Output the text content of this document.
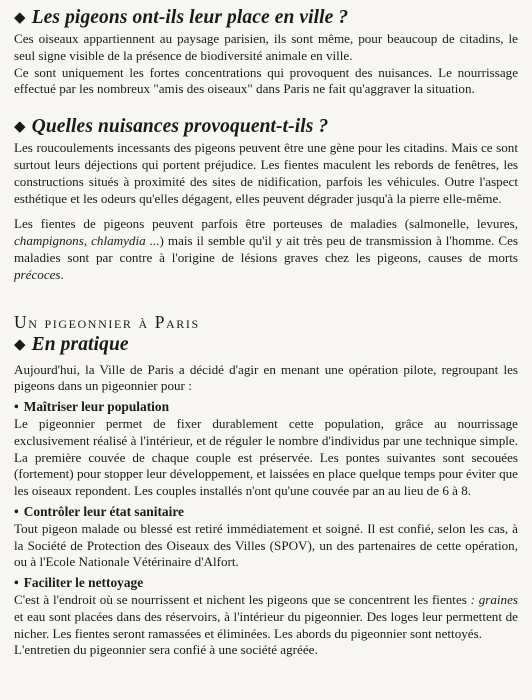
◆ Les pigeons ont-ils leur place en ville ?

Ces oiseaux appartiennent au paysage parisien, ils sont même, pour beaucoup de citadins, le seul signe visible de la présence de biodiversité animale en ville.

Ce sont uniquement les fortes concentrations qui provoquent des nuisances. Le nourrissage effectué par les nombreux "amis des oiseaux" dans Paris ne fait qu'aggraver la situation.

◆ Quelles nuisances provoquent-t-ils ?

Les roucoulements incessants des pigeons peuvent être une gène pour les citadins. Mais ce sont surtout leurs déjections qui portent préjudice. Les fientes maculent les rebords de fenêtres, les constructions situés à proximité des sites de nidification, parfois les véhicules. Outre l'aspect esthétique et les odeurs qu'elles dégagent, elles peuvent dégrader jusqu'à la pierre elle-même.

Les fientes de pigeons peuvent parfois être porteuses de maladies (salmonelle, levures, champignons, chlamydia ...) mais il semble qu'il y ait très peu de transmission à l'homme. Ces maladies sont par contre à l'origine de lésions graves chez les pigeons, causes de morts précoces.

Un pigeonnier à Paris
◆ En pratique

Aujourd'hui, la Ville de Paris a décidé d'agir en menant une opération pilote, regroupant les pigeons dans un pigeonnier pour :

• Maîtriser leur population

Le pigeonnier permet de fixer durablement cette population, grâce au nourrissage exclusivement réalisé à l'intérieur, et de réguler le nombre d'individus par une technique simple. La première couvée de chaque couple est préservée. Les pontes suivantes sont secouées (fortement) pour stopper leur développement, et laissées en place quelque temps pour éviter que les oiseaux repondent. Les couples installés n'ont qu'une couvée par an au lieu de 6 à 8.

• Contrôler leur état sanitaire

Tout pigeon malade ou blessé est retiré immédiatement et soigné. Il est confié, selon les cas, à la Société de Protection des Oiseaux des Villes (SPOV), un des partenaires de cette opération, ou à l'Ecole Nationale Vétérinaire d'Alfort.

• Faciliter le nettoyage

C'est à l'endroit où se nourrissent et nichent les pigeons que se concentrent les fientes : graines et eau sont placées dans des réservoirs, à l'intérieur du pigeonnier. Des loges leur permettent de nicher. Les fientes seront ramassées et éliminées. Les abords du pigeonnier sont nettoyés.

L'entretien du pigeonnier sera confié à une société agréée.
